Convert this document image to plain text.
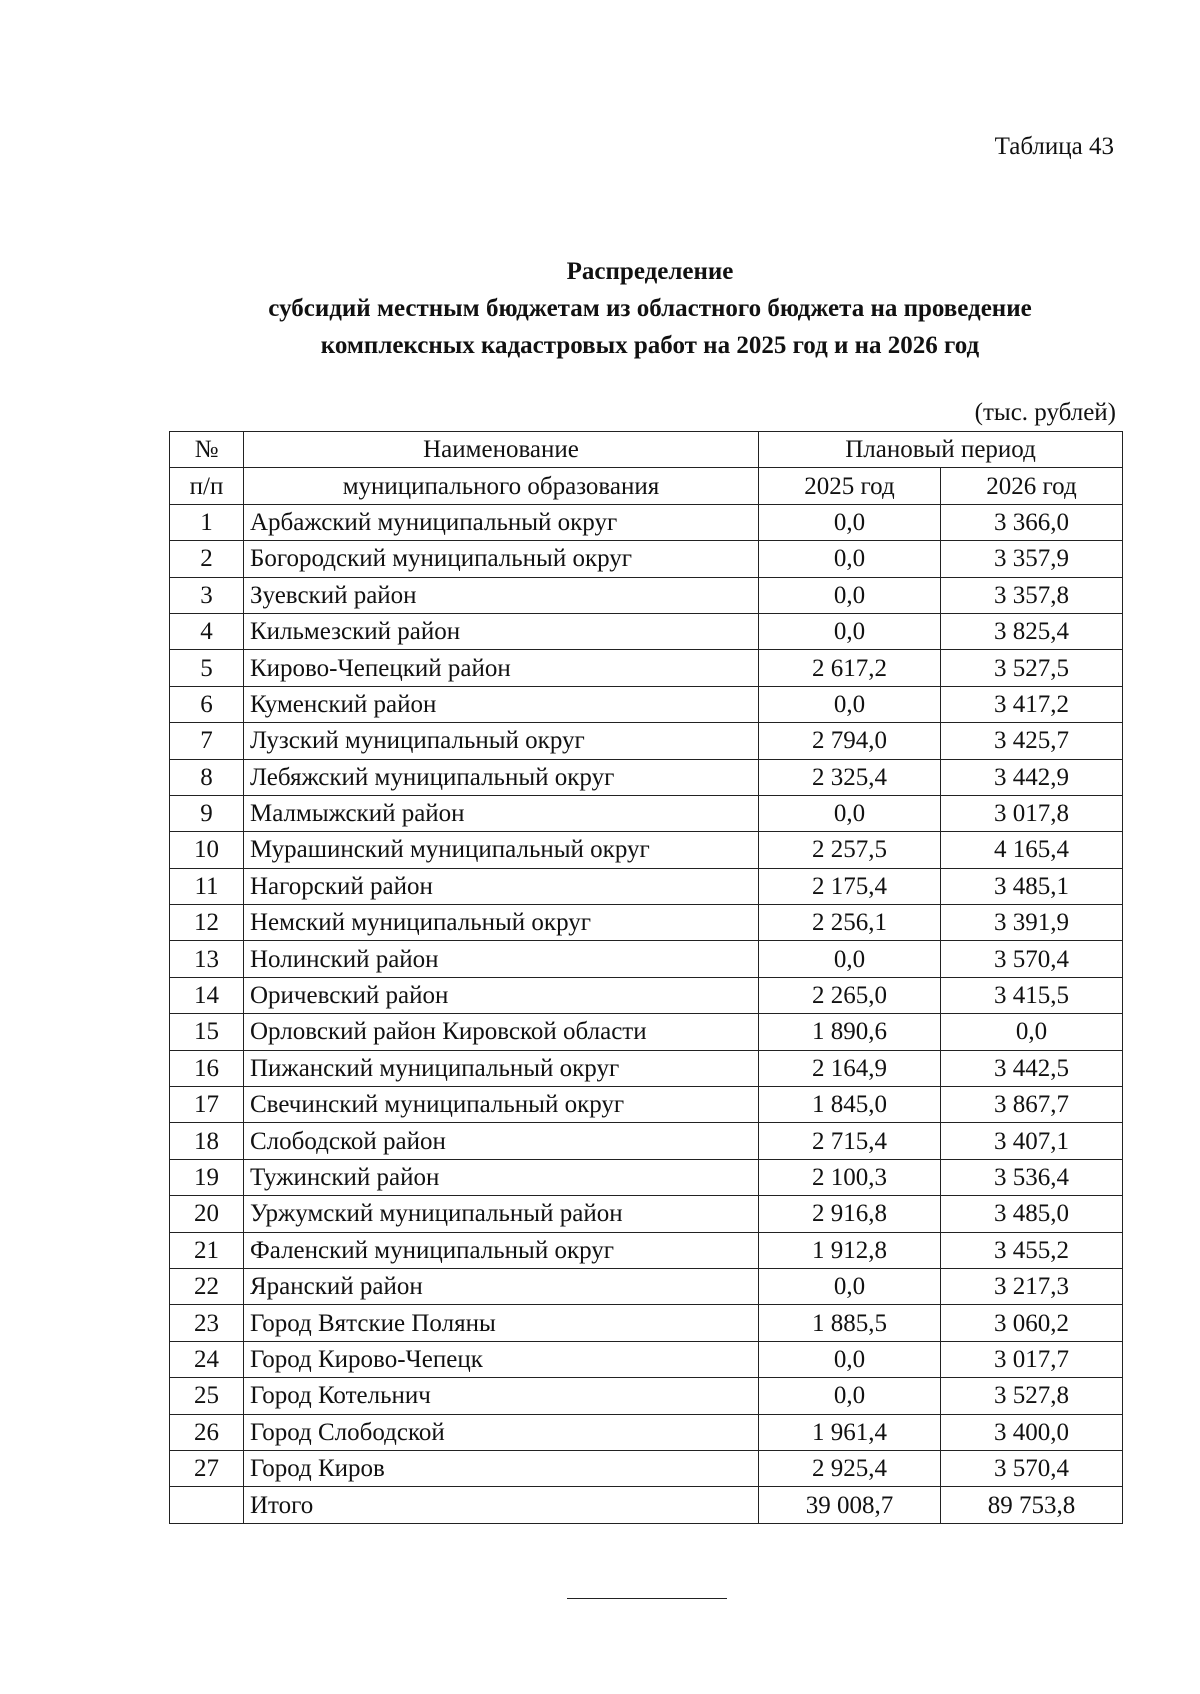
Таблица 43
Распределение
субсидий местным бюджетам из областного бюджета на проведение
комплексных кадастровых работ на 2025 год и на 2026 год
(тыс. рублей)
№	Наименование	Плановый период	
п/п	муниципального образования	2025 год	2026 год
1	Арбажский муниципальный округ	0,0	3 366,0
2	Богородский муниципальный округ	0,0	3 357,9
3	Зуевский район	0,0	3 357,8
4	Кильмезский район	0,0	3 825,4
5	Кирово-Чепецкий район	2 617,2	3 527,5
6	Куменский район	0,0	3 417,2
7	Лузский муниципальный округ	2 794,0	3 425,7
8	Лебяжский муниципальный округ	2 325,4	3 442,9
9	Малмыжский район	0,0	3 017,8
10	Мурашинский муниципальный округ	2 257,5	4 165,4
11	Нагорский район	2 175,4	3 485,1
12	Немский муниципальный округ	2 256,1	3 391,9
13	Нолинский район	0,0	3 570,4
14	Оричевский район	2 265,0	3 415,5
15	Орловский район Кировской области	1 890,6	0,0
16	Пижанский муниципальный округ	2 164,9	3 442,5
17	Свечинский муниципальный округ	1 845,0	3 867,7
18	Слободской район	2 715,4	3 407,1
19	Тужинский район	2 100,3	3 536,4
20	Уржумский муниципальный район	2 916,8	3 485,0
21	Фаленский муниципальный округ	1 912,8	3 455,2
22	Яранский район	0,0	3 217,3
23	Город Вятские Поляны	1 885,5	3 060,2
24	Город Кирово-Чепецк	0,0	3 017,7
25	Город Котельнич	0,0	3 527,8
26	Город Слободской	1 961,4	3 400,0
27	Город Киров	2 925,4	3 570,4
	Итого	39 008,7	89 753,8
